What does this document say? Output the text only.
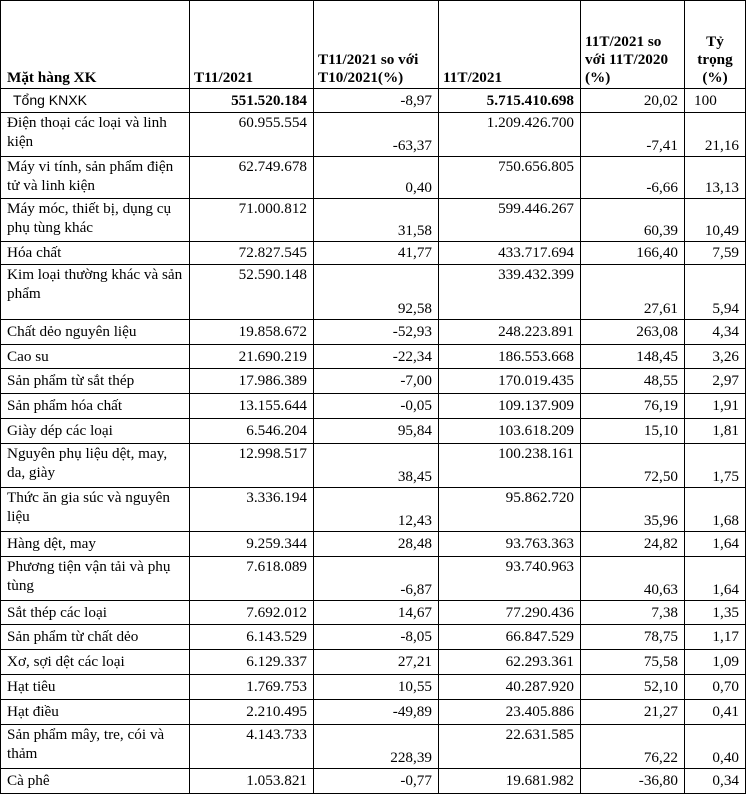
Mặt hàng XK	T11/2021	T11/2021 so với T10/2021(%)	11T/2021	11T/2021 so với 11T/2020 (%)	Tỷ trọng (%)
Tổng KNXK	551.520.184	-8,97	5.715.410.698	20,02	100
Điện thoại các loại và linh kiện	60.955.554	-63,37	1.209.426.700	-7,41	21,16
Máy vi tính, sản phẩm điện tử và linh kiện	62.749.678	0,40	750.656.805	-6,66	13,13
Máy móc, thiết bị, dụng cụ phụ tùng khác	71.000.812	31,58	599.446.267	60,39	10,49
Hóa chất	72.827.545	41,77	433.717.694	166,40	7,59
Kim loại thường khác và sản phẩm	52.590.148	92,58	339.432.399	27,61	5,94
Chất dẻo nguyên liệu	19.858.672	-52,93	248.223.891	263,08	4,34
Cao su	21.690.219	-22,34	186.553.668	148,45	3,26
Sản phẩm từ sắt thép	17.986.389	-7,00	170.019.435	48,55	2,97
Sản phẩm hóa chất	13.155.644	-0,05	109.137.909	76,19	1,91
Giày dép các loại	6.546.204	95,84	103.618.209	15,10	1,81
Nguyên phụ liệu dệt, may, da, giày	12.998.517	38,45	100.238.161	72,50	1,75
Thức ăn gia súc và nguyên liệu	3.336.194	12,43	95.862.720	35,96	1,68
Hàng dệt, may	9.259.344	28,48	93.763.363	24,82	1,64
Phương tiện vận tải và phụ tùng	7.618.089	-6,87	93.740.963	40,63	1,64
Sắt thép các loại	7.692.012	14,67	77.290.436	7,38	1,35
Sản phẩm từ chất dẻo	6.143.529	-8,05	66.847.529	78,75	1,17
Xơ, sợi dệt các loại	6.129.337	27,21	62.293.361	75,58	1,09
Hạt tiêu	1.769.753	10,55	40.287.920	52,10	0,70
Hạt điều	2.210.495	-49,89	23.405.886	21,27	0,41
Sản phẩm mây, tre, cói và thảm	4.143.733	228,39	22.631.585	76,22	0,40
Cà phê	1.053.821	-0,77	19.681.982	-36,80	0,34
